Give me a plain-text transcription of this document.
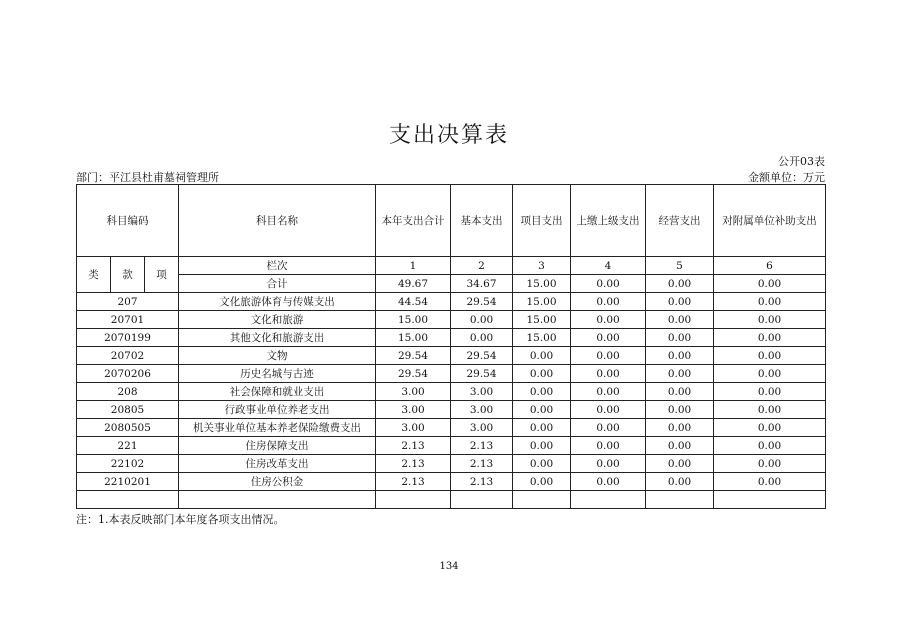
支出决算表
公开03表
部门：平江县杜甫墓祠管理所	金额单位：万元
科目编码			科目名称	本年支出合计	基本支出	项目支出	上缴上级支出	经营支出	对附属单位补助支出
类	款	项	栏次	1	2	3	4	5	6
			合计	49.67	34.67	15.00	0.00	0.00	0.00
207			文化旅游体育与传媒支出	44.54	29.54	15.00	0.00	0.00	0.00
20701			文化和旅游	15.00	0.00	15.00	0.00	0.00	0.00
2070199			其他文化和旅游支出	15.00	0.00	15.00	0.00	0.00	0.00
20702			文物	29.54	29.54	0.00	0.00	0.00	0.00
2070206			历史名城与古迹	29.54	29.54	0.00	0.00	0.00	0.00
208			社会保障和就业支出	3.00	3.00	0.00	0.00	0.00	0.00
20805			行政事业单位养老支出	3.00	3.00	0.00	0.00	0.00	0.00
2080505			机关事业单位基本养老保险缴费支出	3.00	3.00	0.00	0.00	0.00	0.00
221			住房保障支出	2.13	2.13	0.00	0.00	0.00	0.00
22102			住房改革支出	2.13	2.13	0.00	0.00	0.00	0.00
2210201			住房公积金	2.13	2.13	0.00	0.00	0.00	0.00

注：1.本表反映部门本年度各项支出情况。
134
